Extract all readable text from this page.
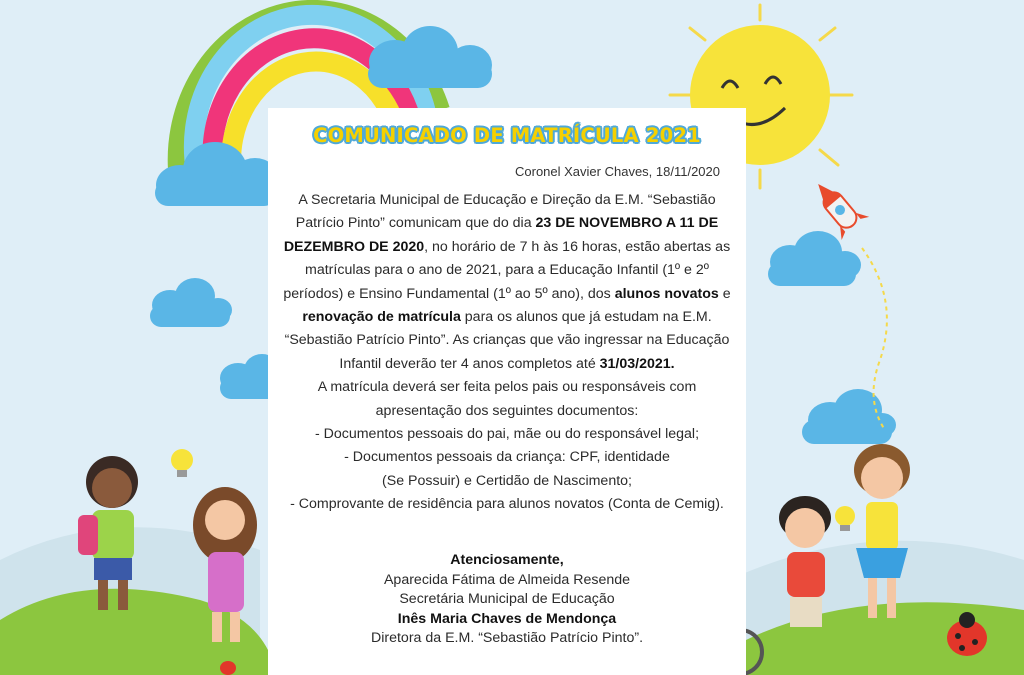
COMUNICADO DE MATRÍCULA 2021
Coronel Xavier Chaves, 18/11/2020
A Secretaria Municipal de Educação e Direção da E.M. “Sebastião Patrício Pinto” comunicam que do dia 23 DE NOVEMBRO A 11 DE DEZEMBRO DE 2020, no horário de 7 h às 16 horas, estão abertas as matrículas para o ano de 2021, para a Educação Infantil (1º e 2º períodos) e Ensino Fundamental (1º ao 5º ano), dos alunos novatos e renovação de matrícula para os alunos que já estudam na E.M. “Sebastião Patrício Pinto”. As crianças que vão ingressar na Educação Infantil deverão ter 4 anos completos até 31/03/2021.
A matrícula deverá ser feita pelos pais ou responsáveis com apresentação dos seguintes documentos:
- Documentos pessoais do pai, mãe ou do responsável legal;
- Documentos pessoais da criança: CPF, identidade (Se Possuir) e Certidão de Nascimento;
- Comprovante de residência para alunos novatos (Conta de Cemig).
Atenciosamente,
Aparecida Fátima de Almeida Resende
Secretária Municipal de Educação
Inês Maria Chaves de Mendonça
Diretora da E.M. “Sebastião Patrício Pinto”.
